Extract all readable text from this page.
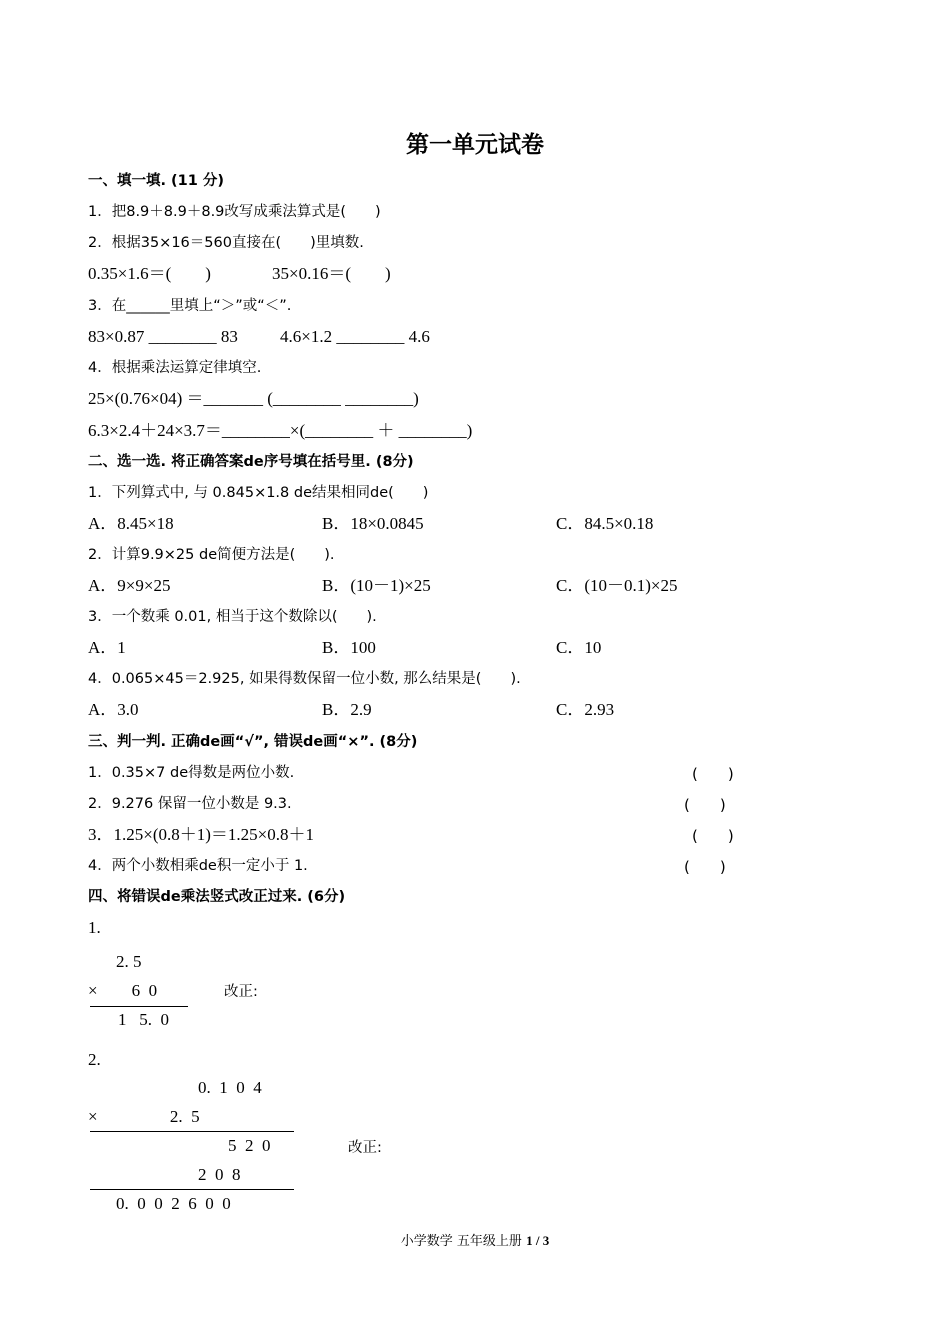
第一单元试卷
一、填一填. (11 分)
1．把8.9＋8.9＋8.9改写成乘法算式是(　　)
2．根据35×16＝560直接在(　　)里填数.
0.35×1.6＝(　　)	35×0.16＝(　　)
3．在______里填上“＞”或“＜”.
83×0.87 ________ 83 4.6×1.2 ________ 4.6
4．根据乘法运算定律填空.
25×(0.76×04) ＝_______ (________ ________)
6.3×2.4＋24×3.7＝________×(________ ＋ ________)
二、选一选. 将正确答案de序号填在括号里. (8分)
1．下列算式中, 与 0.845×1.8 de结果相同de(　　)
A．8.45×18	B．18×0.0845	C．84.5×0.18
2．计算9.9×25 de简便方法是(　　).
A．9×9×25	B．(10－1)×25	C．(10－0.1)×25
3．一个数乘 0.01, 相当于这个数除以(　　).
A．1	B．100	C．10
4．0.065×45＝2.925, 如果得数保留一位小数, 那么结果是(　　).
A．3.0	B．2.9	C．2.93
三、判一判. 正确de画“√”, 错误de画“×”. (8分)
1．0.35×7 de得数是两位小数.	(　　)
2．9.276 保留一位小数是 9.3.	(　　)
3．1.25×(0.8＋1)＝1.25×0.8＋1	(　　)
4．两个小数相乘de积一定小于 1.	(　　)
四、将错误de乘法竖式改正过来. (6分)
1.
2. 5
×        6  0
1   5.  0
改正:
2.
0.  1  0  4
×                 2.  5
5  2  0
2  0  8
0.  0  0  2  6  0  0
改正:
小学数学 五年级上册 1 / 3
